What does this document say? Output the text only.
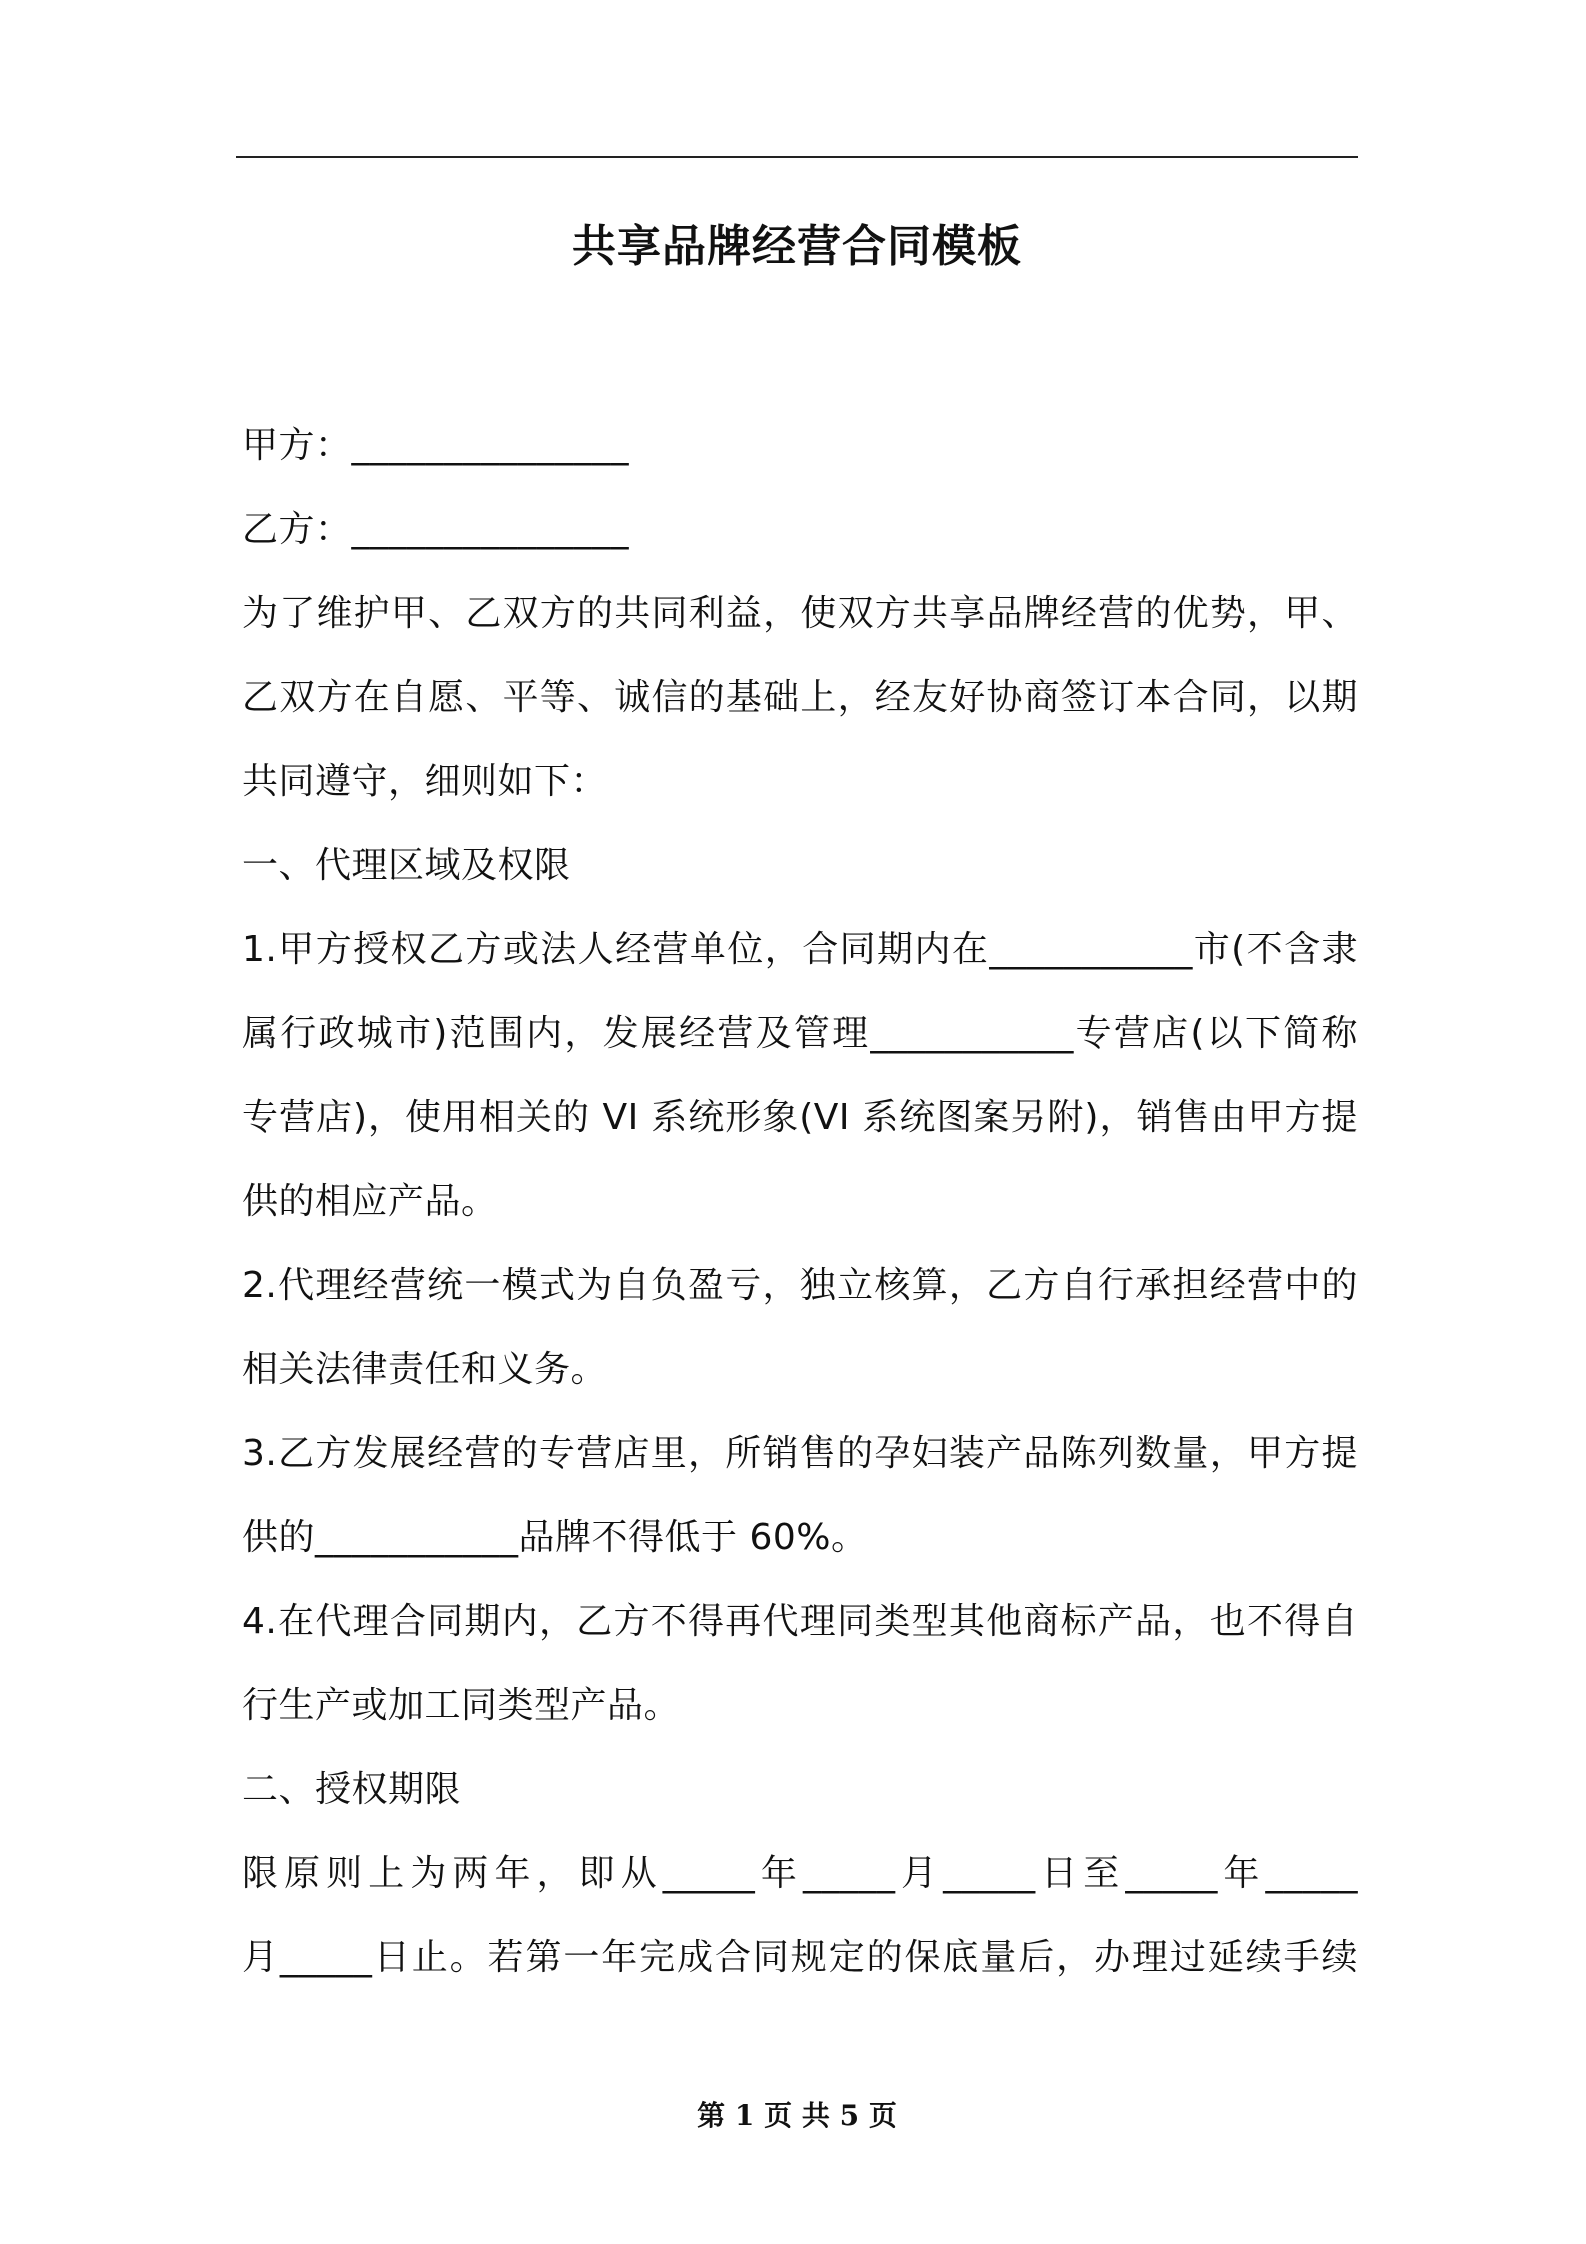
共享品牌经营合同模板

甲方：_______________

乙方：_______________

为了维护甲、乙双方的共同利益，使双方共享品牌经营的优势，甲、

乙双方在自愿、平等、诚信的基础上，经友好协商签订本合同，以期

共同遵守，细则如下：

一、代理区域及权限

1.甲方授权乙方或法人经营单位，合同期内在___________市(不含隶

属行政城市)范围内，发展经营及管理___________专营店(以下简称

专营店)，使用相关的 VI 系统形象(VI 系统图案另附)，销售由甲方提

供的相应产品。

2.代理经营统一模式为自负盈亏，独立核算，乙方自行承担经营中的

相关法律责任和义务。

3.乙方发展经营的专营店里，所销售的孕妇装产品陈列数量，甲方提

供的___________品牌不得低于 60%。

4.在代理合同期内，乙方不得再代理同类型其他商标产品，也不得自

行生产或加工同类型产品。

二、授权期限

限原则上为两年，即从_____年_____月_____日至_____年_____

月_____日止。若第一年完成合同规定的保底量后，办理过延续手续

第 1 页 共 5 页
